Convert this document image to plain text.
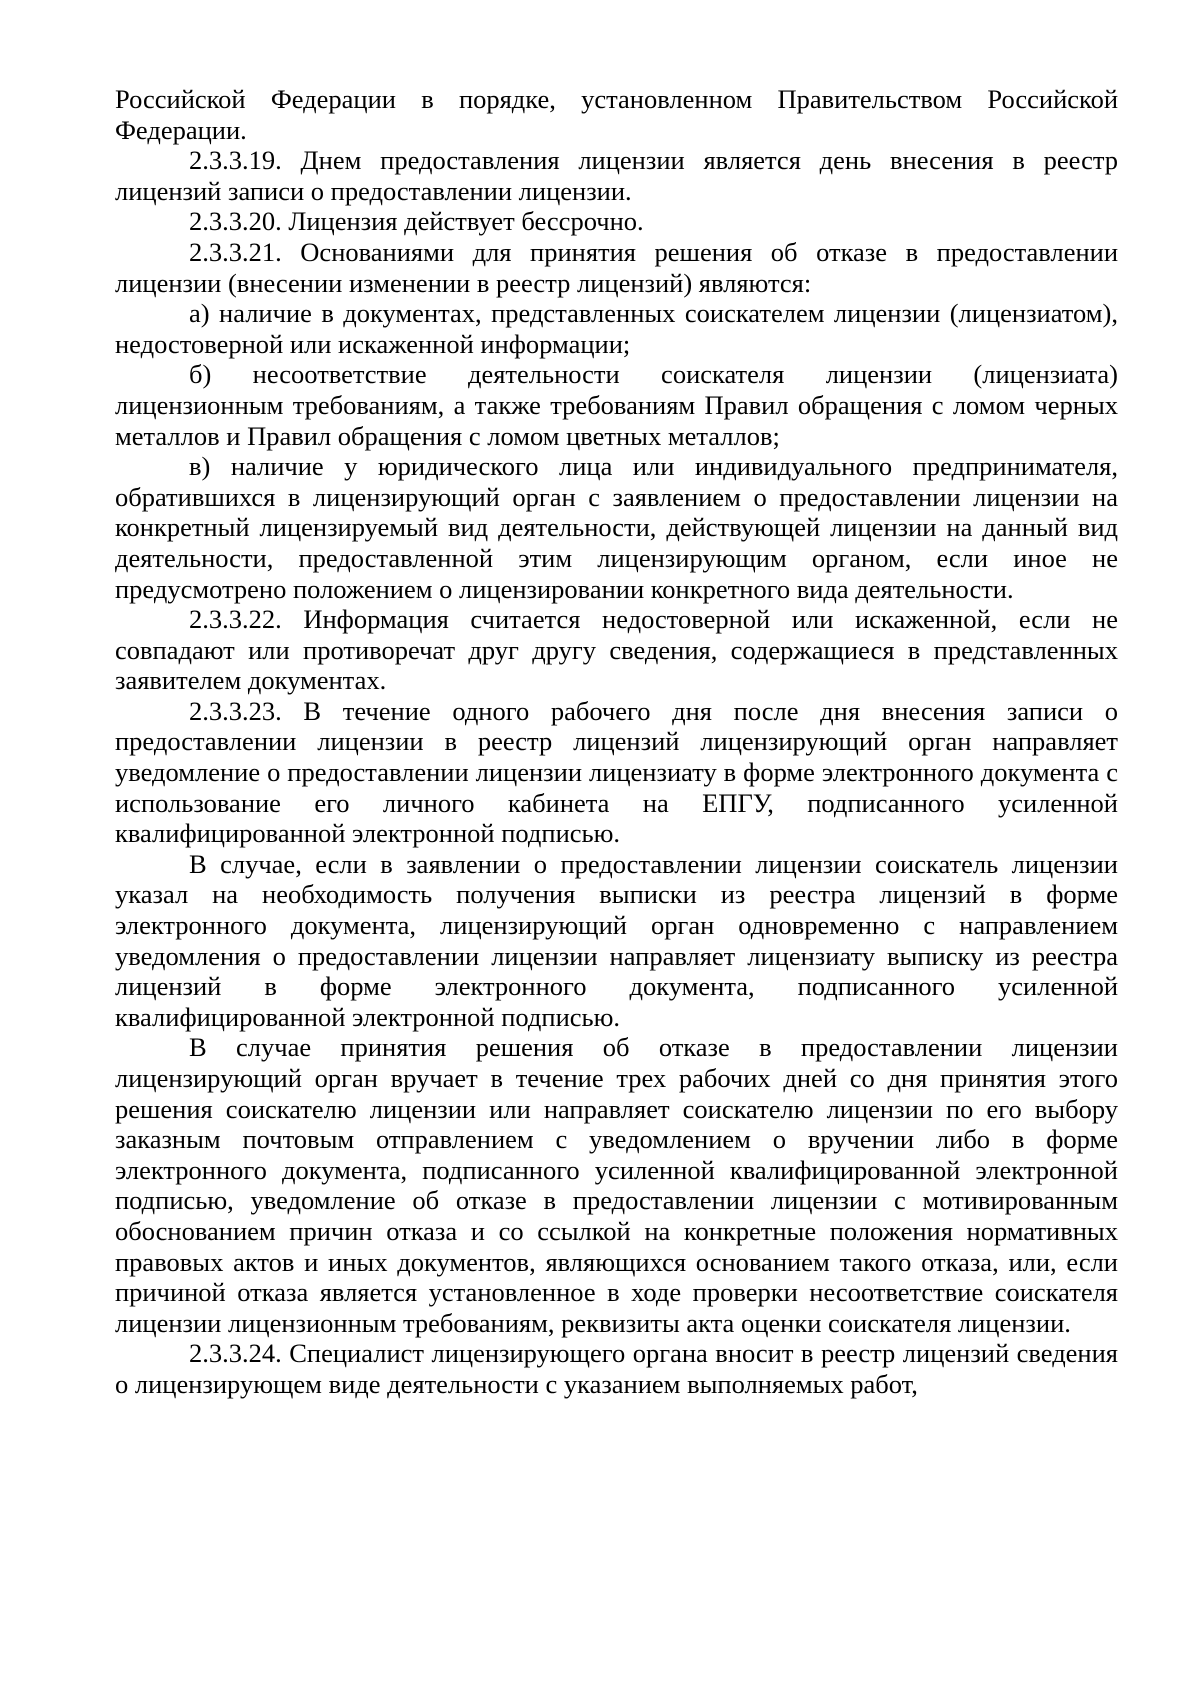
Российской Федерации в порядке, установленном Правительством Российской Федерации.

2.3.3.19. Днем предоставления лицензии является день внесения в реестр лицензий записи о предоставлении лицензии.

2.3.3.20. Лицензия действует бессрочно.

2.3.3.21. Основаниями для принятия решения об отказе в предоставлении лицензии (внесении изменении в реестр лицензий) являются:

а) наличие в документах, представленных соискателем лицензии (лицензиатом), недостоверной или искаженной информации;

б) несоответствие деятельности соискателя лицензии (лицензиата) лицензионным требованиям, а также требованиям Правил обращения с ломом черных металлов и Правил обращения с ломом цветных металлов;

в) наличие у юридического лица или индивидуального предпринимателя, обратившихся в лицензирующий орган с заявлением о предоставлении лицензии на конкретный лицензируемый вид деятельности, действующей лицензии на данный вид деятельности, предоставленной этим лицензирующим органом, если иное не предусмотрено положением о лицензировании конкретного вида деятельности.

2.3.3.22. Информация считается недостоверной или искаженной, если не совпадают или противоречат друг другу сведения, содержащиеся в представленных заявителем документах.

2.3.3.23. В течение одного рабочего дня после дня внесения записи о предоставлении лицензии в реестр лицензий лицензирующий орган направляет уведомление о предоставлении лицензии лицензиату в форме электронного документа с использование его личного кабинета на ЕПГУ, подписанного усиленной квалифицированной электронной подписью.

В случае, если в заявлении о предоставлении лицензии соискатель лицензии указал на необходимость получения выписки из реестра лицензий в форме электронного документа, лицензирующий орган одновременно с направлением уведомления о предоставлении лицензии направляет лицензиату выписку из реестра лицензий в форме электронного документа, подписанного усиленной квалифицированной электронной подписью.

В случае принятия решения об отказе в предоставлении лицензии лицензирующий орган вручает в течение трех рабочих дней со дня принятия этого решения соискателю лицензии или направляет соискателю лицензии по его выбору заказным почтовым отправлением с уведомлением о вручении либо в форме электронного документа, подписанного усиленной квалифицированной электронной подписью, уведомление об отказе в предоставлении лицензии с мотивированным обоснованием причин отказа и со ссылкой на конкретные положения нормативных правовых актов и иных документов, являющихся основанием такого отказа, или, если причиной отказа является установленное в ходе проверки несоответствие соискателя лицензии лицензионным требованиям, реквизиты акта оценки соискателя лицензии.

2.3.3.24. Специалист лицензирующего органа вносит в реестр лицензий сведения о лицензирующем виде деятельности с указанием выполняемых работ,
